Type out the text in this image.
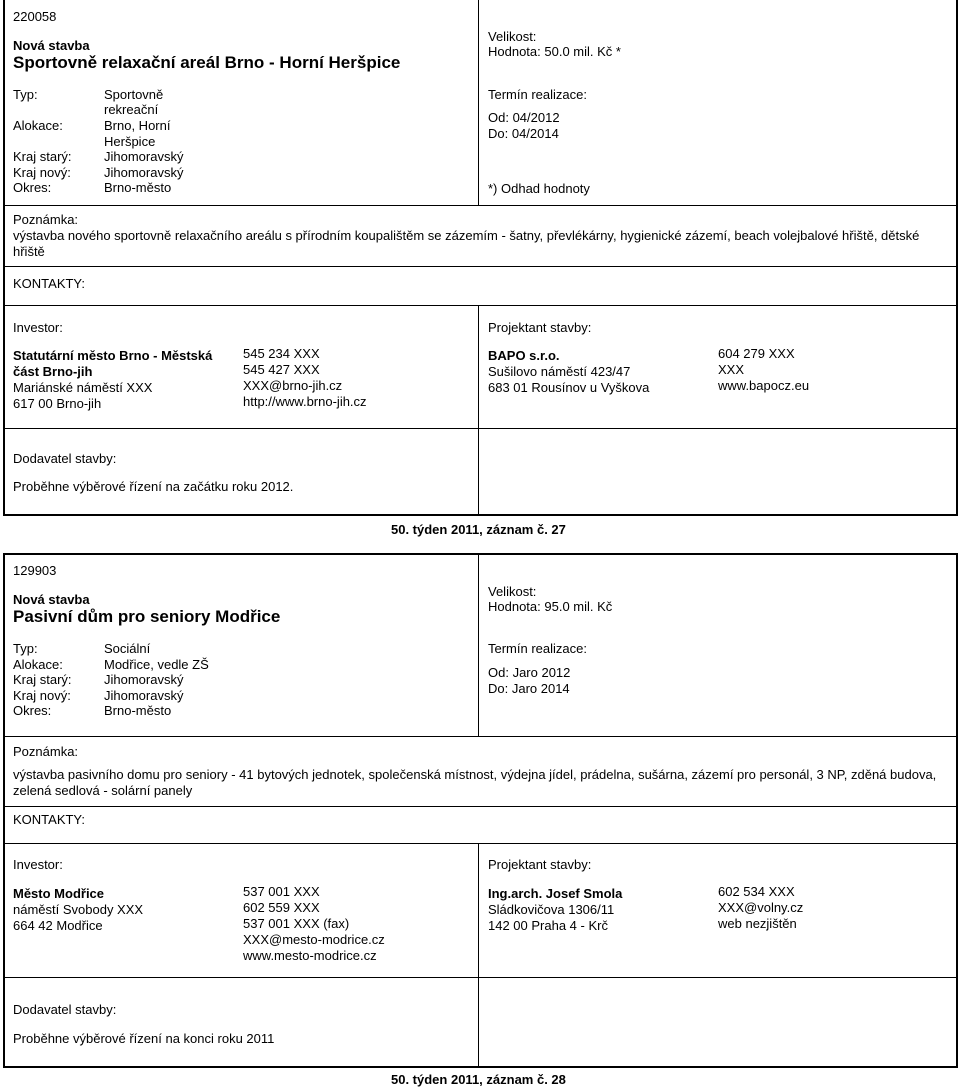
220058
Nová stavba
Sportovně relaxační areál Brno - Horní Heršpice
Typ:
Alokace:
Kraj starý:
Kraj nový:
Okres:
Sportovně
rekreační
Brno, Horní
Heršpice
Jihomoravský
Jihomoravský
Brno-město
Velikost:
Hodnota: 50.0 mil. Kč *
Termín realizace:
Od: 04/2012
Do: 04/2014
*) Odhad hodnoty
Poznámka:
výstavba nového sportovně relaxačního areálu s přírodním koupalištěm se zázemím - šatny, převlékárny, hygienické zázemí, beach volejbalové hřiště, dětské hřiště
KONTAKTY:
Investor:
Statutární město Brno - Městská
část Brno-jih
Mariánské náměstí XXX
617 00 Brno-jih
545 234 XXX
545 427 XXX
XXX@brno-jih.cz
http://www.brno-jih.cz
Projektant stavby:
BAPO s.r.o.
Sušilovo náměstí 423/47
683 01 Rousínov u Vyškova
604 279 XXX
XXX
www.bapocz.eu
Dodavatel stavby:
Proběhne výběrové řízení na začátku roku 2012.
50. týden 2011, záznam č. 27
129903
Nová stavba
Pasivní dům pro seniory Modřice
Typ:
Alokace:
Kraj starý:
Kraj nový:
Okres:
Sociální
Modřice, vedle ZŠ
Jihomoravský
Jihomoravský
Brno-město
Velikost:
Hodnota: 95.0 mil. Kč
Termín realizace:
Od: Jaro 2012
Do: Jaro 2014
Poznámka:
výstavba pasivního domu pro seniory - 41 bytových jednotek, společenská místnost, výdejna jídel, prádelna, sušárna, zázemí pro personál, 3 NP, zděná budova, zelená sedlová - solární panely
KONTAKTY:
Investor:
Město Modřice
náměstí Svobody XXX
664 42 Modřice
537 001 XXX
602 559 XXX
537 001 XXX (fax)
XXX@mesto-modrice.cz
www.mesto-modrice.cz
Projektant stavby:
Ing.arch. Josef Smola
Sládkovičova 1306/11
142 00 Praha 4 - Krč
602 534 XXX
XXX@volny.cz
web nezjištěn
Dodavatel stavby:
Proběhne výběrové řízení na konci roku 2011
50. týden 2011, záznam č. 28
